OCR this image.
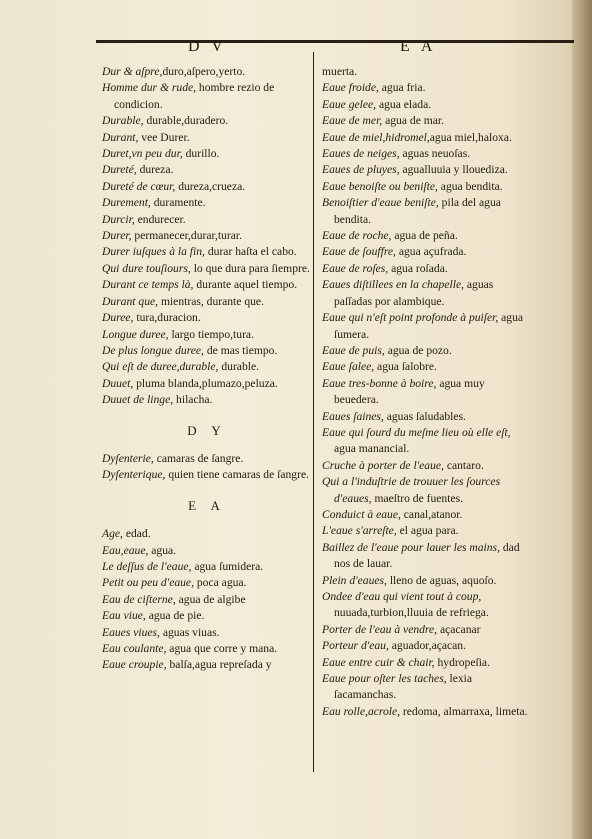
D V	E A

Dur & aſpre,duro,aſpero,yerto.

Homme dur & rude, hombre rezio de condicion.

Durable, durable,duradero.

Durant, vee Durer.

Duret,vn peu dur, durillo.

Dureté, dureza.

Dureté de cœur, dureza,crueza.

Durement, duramente.

Durcir, endurecer.

Durer, permanecer,durar,turar.

Durer iuſques à la fin, durar haſta el cabo.

Qui dure touſiours, lo que dura para ſiempre.

Durant ce temps là, durante aquel tiempo.

Durant que, mientras, durante que.

Duree, tura,duracion.

Longue duree, largo tiempo,tura.

De plus longue duree, de mas tiempo.

Qui eſt de duree,durable, durable.

Duuet, pluma blanda,plumazo,peluza.

Duuet de linge, hilacha.

D Y

Dyſenterie, camaras de ſangre.

Dyſenterique, quien tiene camaras de ſangre.

E A

Age, edad.

Eau,eaue, agua.

Le deſſus de l'eaue, agua ſumidera.

Petit ou peu d'eaue, poca agua.

Eau de ciſterne, agua de algibe

Eau viue, agua de pie.

Eaues viues, aguas viuas.

Eau coulante, agua que corre y mana.

Eaue croupie, balſa,agua repreſada y

muerta.

Eaue froide, agua fria.

Eaue gelee, agua elada.

Eaue de mer, agua de mar.

Eaue de miel,hidromel,agua miel,haloxa.

Eaues de neiges, aguas neuoſas.

Eaues de pluyes, agualluuia y llouediza.

Eaue benoiſte ou beniſte, agua bendita.

Benoiſtier d'eaue beniſte, pila del agua bendita.

Eaue de roche, agua de peña.

Eaue de ſouffre, agua açufrada.

Eaue de roſes, agua roſada.

Eaues diſtillees en la chapelle, aguas paſſadas por alambique.

Eaue qui n'eſt point profonde à puiſer, agua ſumera.

Eaue de puis, agua de pozo.

Eaue ſalee, agua ſalobre.

Eaue tres-bonne à boire, agua muy beuedera.

Eaues ſaines, aguas ſaludables.

Eaue qui ſourd du meſme lieu où elle eſt, agua manancial.

Cruche à porter de l'eaue, cantaro.

Qui a l'induſtrie de trouuer les ſources d'eaues, maeſtro de fuentes.

Conduict à eaue, canal,atanor.

L'eaue s'arreſte, el agua para.

Baillez de l'eaue pour lauer les mains, dad nos de lauar.

Plein d'eaues, lleno de aguas, aquoſo.

Ondee d'eau qui vient tout à coup, nuuada,turbion,lluuia de refriega.

Porter de l'eau à vendre, açacanar

Porteur d'eau, aguador,açacan.

Eaue entre cuir & chair, hydropeſia.

Eaue pour oſter les taches, lexia ſacamanchas.

Eau rolle,acrole, redoma, almarraxa, limeta.
